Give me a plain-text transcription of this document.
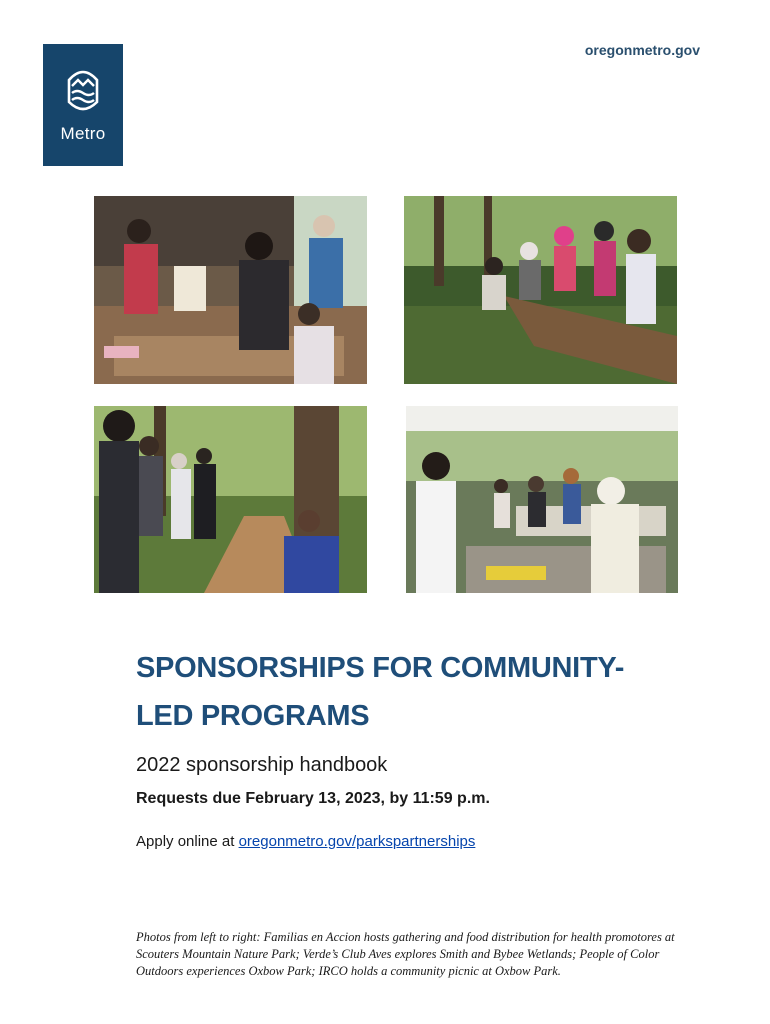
Metro
oregonmetro.gov
SPONSORSHIPS FOR COMMUNITY-
LED PROGRAMS
2022 sponsorship handbook
Requests due February 13, 2023, by 11:59 p.m.
Apply online at oregonmetro.gov/parkspartnerships
Photos from left to right: Familias en Accion hosts gathering and food distribution for health promotores at Scouters Mountain Nature Park; Verde’s Club Aves explores Smith and Bybee Wetlands; People of Color Outdoors experiences Oxbow Park; IRCO holds a community picnic at Oxbow Park.
